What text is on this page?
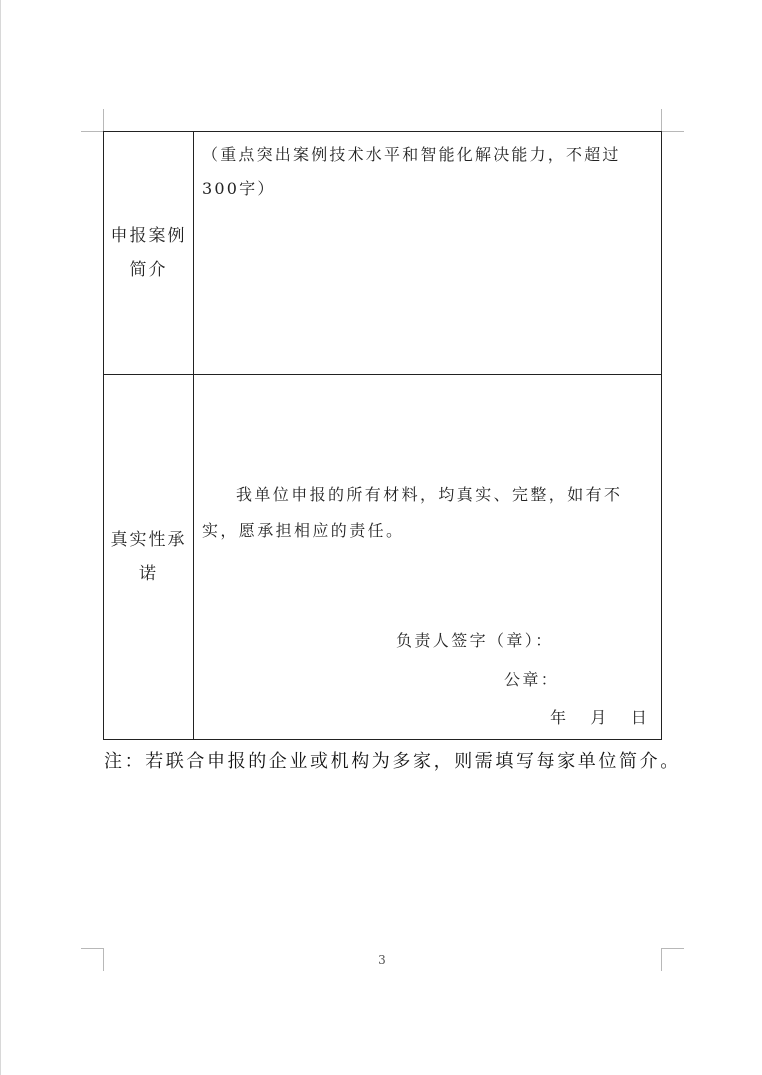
申报案例简介
（重点突出案例技术水平和智能化解决能力，不超过300字）
真实性承诺
我单位申报的所有材料，均真实、完整，如有不实，愿承担相应的责任。
负责人签字（章）：
公章：
年 月 日
注：若联合申报的企业或机构为多家，则需填写每家单位简介。
3
